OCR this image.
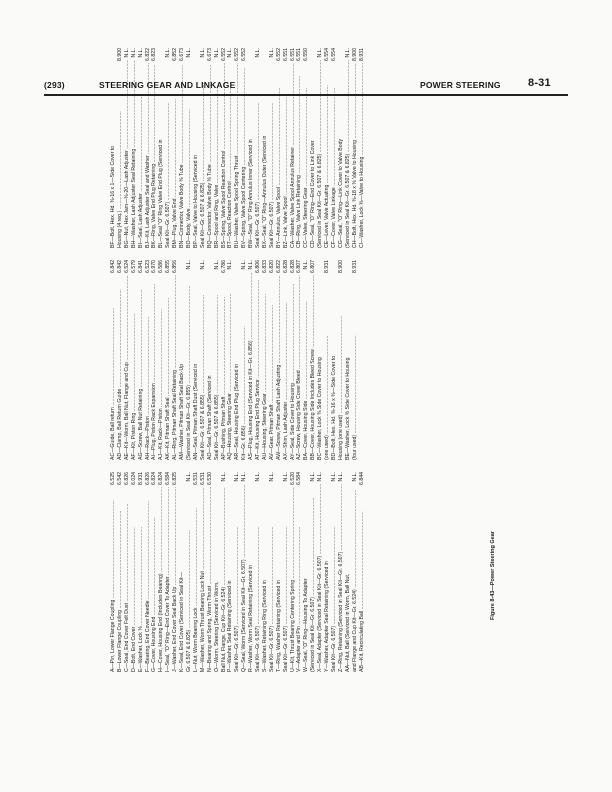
(293)	STEERING GEAR AND LINKAGE	POWER STEERING 8-31
A—Pin, Lower Flange Coupling .....
6.525
B—Lower Flange Coupling .....
6.542
C—Seal, End Cover Felt Dust .....
6.826
D—Bolt, End Cover .....
6.024
E—Washer, Lock ⅜ .....
8.931
F—Bearing, End Cover Needle .....
6.826
G—Cover, Housing End .....
6.824
H—Cover, Housing End (Includes Bearing) .....
6.824
I—Seal, "O" Ring—End Cover To Adapter .....
6.584
J—Washer, End Cover Seal Back Up .....
6.825
K—Seal, End Cover (Serviced in Seal Kit— Gr. 6.507 & 6.825) .....
N.L.
L—Nut, Worm Bearing Lock .....
6.531
M—Washer, Worm Thrust Bearing Lock Nut .....
6.531
N—Bearing and Spring, Worm Thrust .....
6.530
O—Worm, Steering (Serviced in Worm, Ball Nut, Flange, Cup Kit—Gr. 6.524) .....
N.L.
P—Washer, Seal Retaining (Serviced in Seal Kit—Gr. 6.507) .....
N.L.
Q—Seal, Worm (Serviced in Seal Kit—Gr. 6.507) .....
N.L.
R—Washer, Worm Seal Retaining (Serviced in Seal Kit—Gr. 6.507) .....
N.L.
S—Washer, Retaining Ring (Serviced in Seal Kit—Gr. 6.507) .....
N.L.
T—Ring, Washer Retaining (Serviced in Seal Kit—Gr. 6.507) .....
N.L.
U—Kit, Thrust Bearing Centering Spring .....
6.520
V—Adapter and Pin .....
6.584
W—Seal, "O" Ring—Housing To Adapter (Serviced in Seal Kit—Gr. 6.507) .....
N.L.
X—Seal, Adapter (Serviced in Seal Kit—Gr. 6.507) .....
N.L.
Y—Washer, Adapter Seal Retaining (Serviced in Seal Kit—Gr. 6.507) .....
N.L.
Z—Ring, Retaining (Serviced in Seal Kit—Gr. 6.507) .....
N.L.
AA—Nut, Ball (Serviced in Worm, Ball Nut, and Flange and Cup Kit—Gr. 6.524) .....
N.L.
AB—Kit, Recirculating Ball .....
6.844
AC—Guide, Ball return .....
6.842
AD—Clamp, Ball Return Guide .....
6.842
AE—Kit—Worm, Ball Nut, Flange and Cup .....
6.524
AF—Kit, Piston Ring .....
6.579
AG—Screw, Ball Nut Retaining .....
6.841
AH—Rack—Piston .....
6.523
AI—Plug, Piston Rack Expansion .....
6.970
AJ—Kit, Rack—Piston .....
6.586
AK—Kit, Pitman Shaft Seal .....
6.855
AL—Ring, Pitman Shaft Seal Retaining .....
6.856
AM—Washer, Pitman Shaft Seal Back-Up (Serviced in Seal Kit—Gr. 6.855) .....
N.L.
AN—Seal, Pitman Shaft Dust (Serviced in Seal Kit—Gr. 6.507 & 6.855) .....
N.L.
AO—Seal, Pitman Shaft (Serviced in Seal Kit—Gr. 6.507 & 6.855) .....
N.L.
AP—Bushing, Pitman Shaft .....
6.786
AQ—Housing, Steering Gear .....
N.L.
AR—Seal, Housing End Plug (Serviced in Kit—Gr. 6.856) .....
N.L.
AS—Plug, Housing End (Serviced in Kit—Gr. 6.856) .....
N.L.
AT—Kit, Housing End Plug Service .....
6.806
AU—Housing, Steering Gear .....
6.833
AV—Gear, Pitman Shaft .....
6.820
AW—Screw, Pitman Shaft Lash Adjusting .....
6.822
AX—Shim, Lash Adjuster .....
6.828
AY—Seal, Side Cover to Housing .....
6.828
AZ—Screw, Housing Side Cover Bleed .....
6.807
BA—Cover, Housing Side .....
N.L.
BB—Cover, Housing Side Includes Bleed Screw .....
6.807
BC—Washer, Lock ⅜ Side Cover to Housing (one used) .....
8.931
BD—Bolt, Hex. Hd. ⅜-16 x ⅜—Side Cover to Housing (one used) .....
8.900
BE—Washer, Lock ⅜ Side Cover to Housing (four used) .....
8.931
BF—Bolt, Hex. Hd. ⅜-16 x 1—Side Cover to Housing (4 req.) .....
8.900
BG—Nut, Hex Jam—⅜-20—Lash Adjuster .....
N.L.
BH—Washer, Lash Adjuster Seal Retaining .....
N.L.
BI—Seal, Lash Adjuster .....
N.L.
BJ—Kit, Lash Adjuster Seal and Washer .....
6.822
BK—Ring, Valve End Plug Retaining .....
6.823
BL—Seal "O" Ring Valve End Plug (Serviced in Seal Kit—Gr. 6.507) .....
N.L.
BM—Plug, Valve End .....
6.852
BN—Connector, Valve Body ⅜ Tube .....
6.673
BO—Body, Valve .....
N.L.
BP—Seal, Valve to Housing (Serviced in Seal Kit—Gr. 6.507 & 6.825) .....
N.L.
BQ—Connector, Valve Body ⅜ Tube .....
6.673
BR—Spool and Ring, Valve .....
N.L.
BS—Spring, Valve Spool Reaction Control .....
6.552
BT—Spool, Reaction Control .....
N.L.
BU—Washer, Valve Spool Spring Thrust .....
6.552
BV—Spring, Valve Spool Centering .....
6.552
BW—Seal, "O" Ring Annulus Inner (Serviced in Seal Kit—Gr. 6.507) .....
N.L.
BX—Seal, "O" Ring—Annulus Outer (Serviced in Seal Kit—Gr. 6.507) .....
N.L.
BY—Annulus, Valve Spool .....
6.552
BZ—Link, Valve Spool .....
6.551
CA—Washer, Valve Spool Annulus Retainer .....
6.551
CB—Ring, Valve Link Retaining .....
6.551
CC—Valve, Steering Gear .....
6.550
CD—Seal, "O" Ring—End Cover to Link Cover (Serviced in Seal Kit—Gr. 6.507 & 6.825) .....
N.L.
CE—Lever, Valve Actuating .....
6.554
CF—Cover, Valve Linkage .....
6.554
CG—Seal, "O" Ring—Link Cover to Valve Body (Serviced in Seal Kit—Gr. 6.507 & 6.825) .....
N.L.
CH—Bolt, Hex. Hd. ⅜-18 x ⅜ Valve to Housing .....
8.900
CI—Washer, Lock ⅜—Valve to Housing .....
8.931
Figure 8-43—Power Steering Gear
